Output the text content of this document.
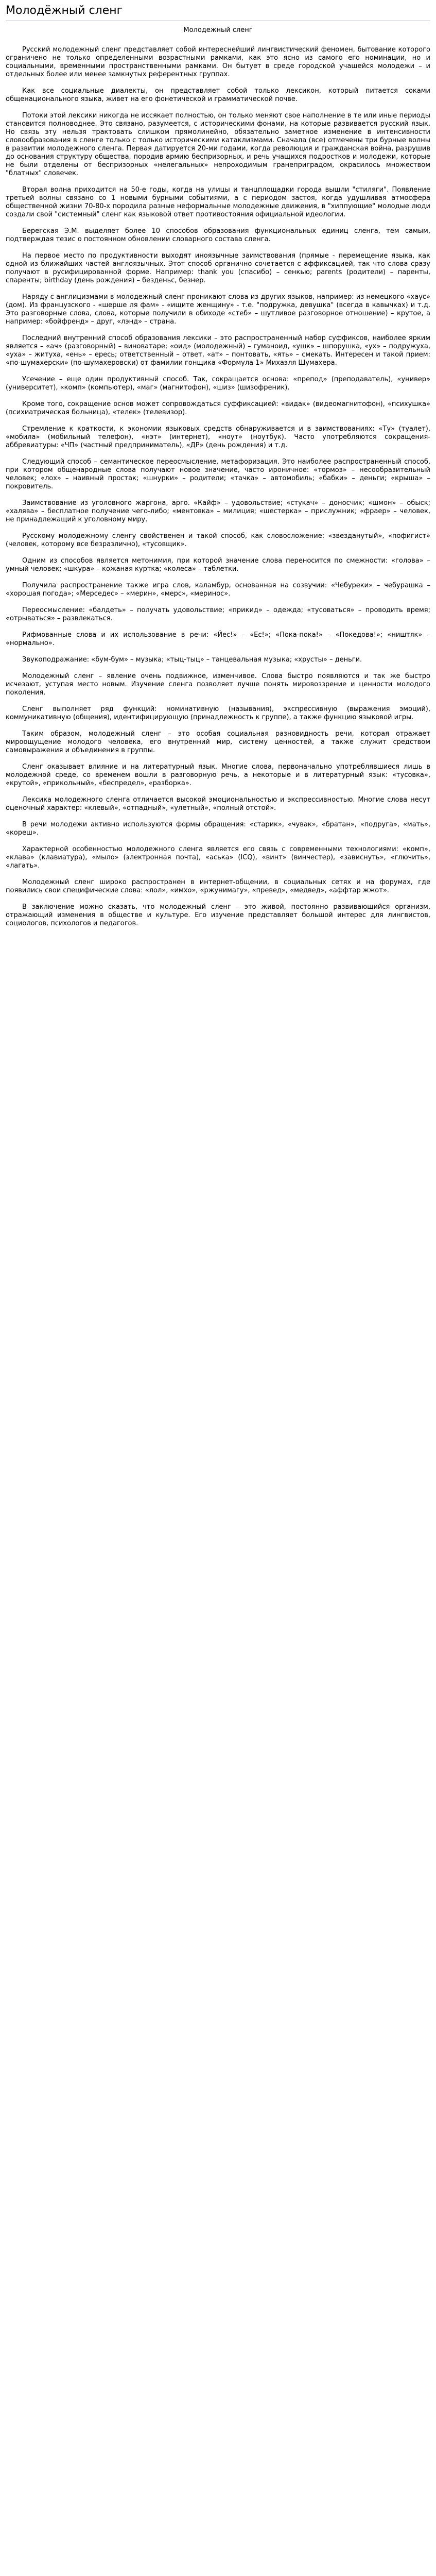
Молодёжный сленг
Молодежный сленг

Русский молодежный сленг представляет собой интереснейший лингвистический феномен, бытование которого ограничено не только определенными возрастными рамками, как это ясно из самого его номинации, но и социальными, временными пространственными рамками. Он бытует в среде городской учащейся молодежи – и отдельных более или менее замкнутых референтных группах.

Как все социальные диалекты, он представляет собой только лексикон, который питается соками общенационального языка, живет на его фонетической и грамматической почве.

Потоки этой лексики никогда не иссякает полностью, он только меняют свое наполнение в те или иные периоды становится полноводнее. Это связано, разумеется, с историческими фонами, на которые развивается русский язык. Но связь эту нельзя трактовать слишком прямолинейно, обязательно заметное изменение в интенсивности словообразования в сленге только с только историческими катаклизмами. Сначала (все) отмечены три бурные волны в развитии молодежного сленга. Первая датируется 20-ми годами, когда революция и гражданская война, разрушив до основания структуру общества, породив армию беспризорных, и речь учащихся подростков и молодежи, которые не были отделены от беспризорных «нелегальных» непроходимым гранеприградом, окрасилось множеством "блатных" словечек.

Вторая волна приходится на 50-е годы, когда на улицы и танцплощадки города вышли "стиляги". Появление третьей волны связано со 1 новыми бурными событиями, а с периодом застоя, когда удушливая атмосфера общественной жизни 70-80-х породила разные неформальные молодежные движения, в "хиппующие" молодые люди создали свой "системный" сленг как языковой ответ противостояния официальной идеологии.

Берегская Э.М. выделяет более 10 способов образования функциональных единиц сленга, тем самым, подтверждая тезис о постоянном обновлении словарного состава сленга.

На первое место по продуктивности выходят иноязычные заимствования (прямые - перемещение языка, как одной из ближайших частей англоязычных. Этот способ органично сочетается с аффиксацией, так что слова сразу получают в русифицированной форме. Например: thank you (спасибо) – сенкью; parents (родители) – паренты, спаренты; birthday (день рождения) – безденьс, безнер.

Наряду с англицизмами в молодежный сленг проникают слова из других языков, например: из немецкого «хаус» (дом). Из французского - «шерше ля фам» - «ищите женщину» - т.е. "подружка, девушка" (всегда в кавычках) и т.д. Это разговорные слова, слова, которые получили в обиходе «стеб» – шутливое разговорное отношение) – крутое, а например: «бойфренд» – друг, «лэнд» – страна.

Последний внутренний способ образования лексики – это распространенный набор суффиксов, наиболее ярким является – «ач» (разговорный) – виноватаре; «оид» (молодежный) – гуманоид, «ушк» – шпорушка, «ух» – подружуха, «уха» – житуха, «ень» – ересь; ответственный – ответ, «ат» – понтовать, «ять» – смекать. Интересен и такой прием: «по-шумахерски» (по-шумахеровски) от фамилии гонщика «Формула 1» Михаэля Шумахера.

Усечение – еще один продуктивный способ. Так, сокращается основа: «препод» (преподаватель), «универ» (университет), «комп» (компьютер), «маг» (магнитофон), «шиз» (шизофреник).

Кроме того, сокращение основ может сопровождаться суффиксацией: «видак» (видеомагнитофон), «психушка» (психиатрическая больница), «телек» (телевизор).

Стремление к краткости, к экономии языковых средств обнаруживается и в заимствованиях: «Ту» (туалет), «мобила» (мобильный телефон), «нэт» (интернет), «ноут» (ноутбук). Часто употребляются сокращения-аббревиатуры: «ЧП» (частный предприниматель), «ДР» (день рождения) и т.д.

Следующий способ – семантическое переосмысление, метафоризация. Это наиболее распространенный способ, при котором общенародные слова получают новое значение, часто ироничное: «тормоз» – несообразительный человек; «лох» – наивный простак; «шнурки» – родители; «тачка» – автомобиль; «бабки» – деньги; «крыша» – покровитель.

Заимствование из уголовного жаргона, арго. «Кайф» – удовольствие; «стукач» – доносчик; «шмон» – обыск; «халява» – бесплатное получение чего-либо; «ментовка» – милиция; «шестерка» – прислужник; «фраер» – человек, не принадлежащий к уголовному миру.

Русскому молодежному сленгу свойственен и такой способ, как словосложение: «звезданутый», «пофигист» (человек, которому все безразлично), «тусовщик».

Одним из способов является метонимия, при которой значение слова переносится по смежности: «голова» – умный человек; «шкура» – кожаная куртка; «колеса» – таблетки.

Получила распространение также игра слов, каламбур, основанная на созвучии: «Чебуреки» – чебурашка – «хорошая погода»; «Мерседес» – «мерин», «мерс», «меринос».

Переосмысление: «балдеть» – получать удовольствие; «прикид» – одежда; «тусоваться» – проводить время; «отрываться» – развлекаться.

Рифмованные слова и их использование в речи: «Йес!» – «Ес!»; «Пока-пока!» – «Покедова!»; «ништяк» – «нормально».

Звукоподражание: «бум-бум» – музыка; «тыц-тыц» – танцевальная музыка; «хрусты» – деньги.

Молодежный сленг – явление очень подвижное, изменчивое. Слова быстро появляются и так же быстро исчезают, уступая место новым. Изучение сленга позволяет лучше понять мировоззрение и ценности молодого поколения.

Сленг выполняет ряд функций: номинативную (называния), экспрессивную (выражения эмоций), коммуникативную (общения), идентифицирующую (принадлежность к группе), а также функцию языковой игры.

Таким образом, молодежный сленг – это особая социальная разновидность речи, которая отражает мироощущение молодого человека, его внутренний мир, систему ценностей, а также служит средством самовыражения и объединения в группы.

Сленг оказывает влияние и на литературный язык. Многие слова, первоначально употреблявшиеся лишь в молодежной среде, со временем вошли в разговорную речь, а некоторые и в литературный язык: «тусовка», «крутой», «прикольный», «беспредел», «разборка».

Лексика молодежного сленга отличается высокой эмоциональностью и экспрессивностью. Многие слова несут оценочный характер: «клевый», «отпадный», «улетный», «полный отстой».

В речи молодежи активно используются формы обращения: «старик», «чувак», «братан», «подруга», «мать», «кореш».

Характерной особенностью молодежного сленга является его связь с современными технологиями: «комп», «клава» (клавиатура), «мыло» (электронная почта), «аська» (ICQ), «винт» (винчестер), «зависнуть», «глючить», «лагать».

Молодежный сленг широко распространен в интернет-общении, в социальных сетях и на форумах, где появились свои специфические слова: «лол», «имхо», «ржунимагу», «превед», «медвед», «аффтар жжот».

В заключение можно сказать, что молодежный сленг – это живой, постоянно развивающийся организм, отражающий изменения в обществе и культуре. Его изучение представляет большой интерес для лингвистов, социологов, психологов и педагогов.
